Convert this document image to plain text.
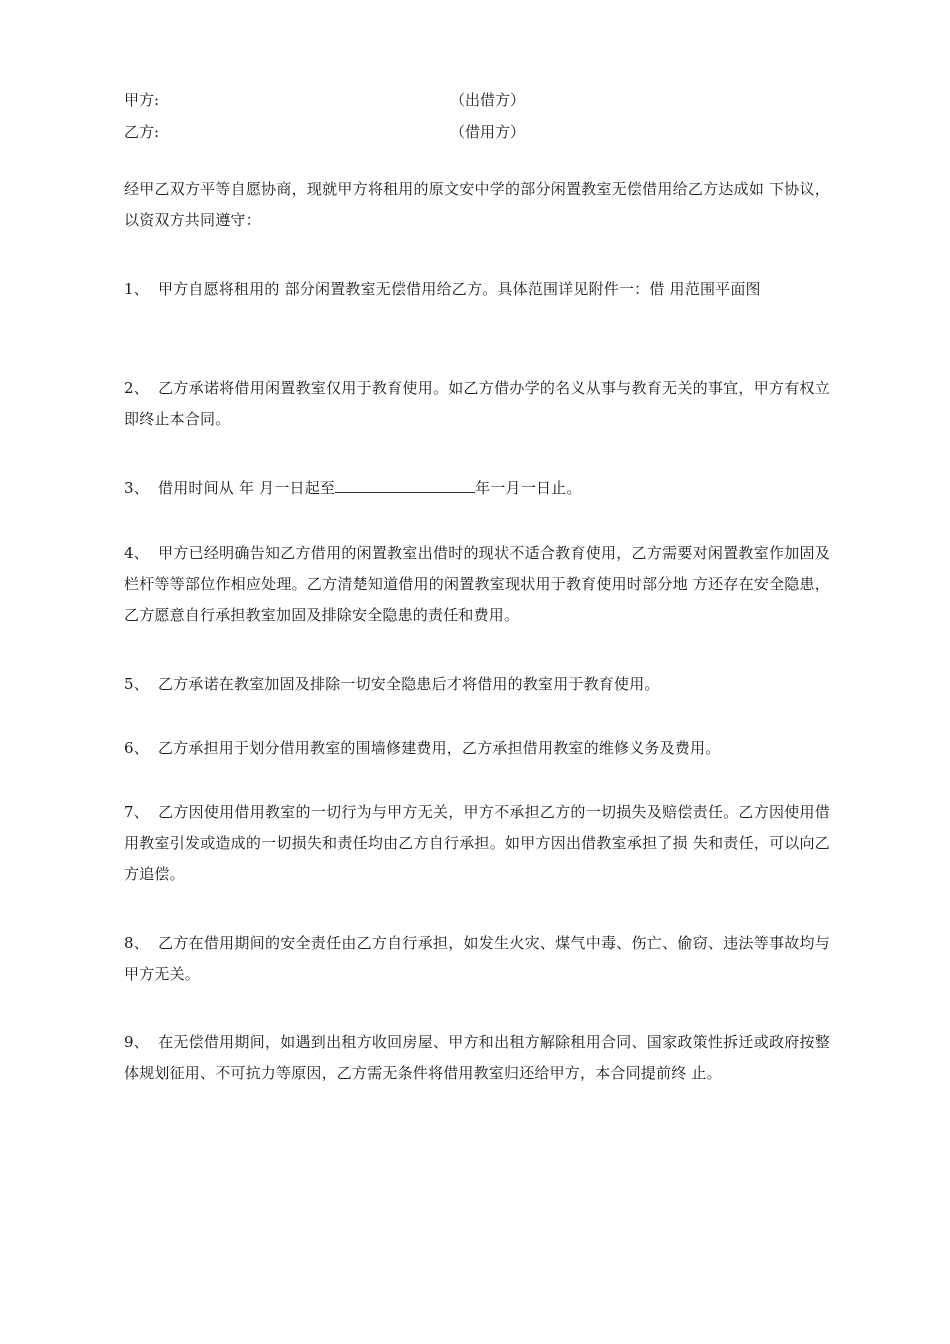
甲方:	（出借方）
乙方:	（借用方）
经甲乙双方平等自愿协商，现就甲方将租用的原文安中学的部分闲置教室无偿借用给乙方达成如 下协议，以资双方共同遵守：
1、 甲方自愿将租用的 部分闲置教室无偿借用给乙方。具体范围详见附件一：借 用范围平面图
2、 乙方承诺将借用闲置教室仅用于教育使用。如乙方借办学的名义从事与教育无关的事宜，甲方有权立即终止本合同。
3、 借用时间从 年 月一日起至	年一月一日止。
4、 甲方已经明确告知乙方借用的闲置教室出借时的现状不适合教育使用，乙方需要对闲置教室作加固及栏杆等等部位作相应处理。乙方清楚知道借用的闲置教室现状用于教育使用时部分地 方还存在安全隐患，乙方愿意自行承担教室加固及排除安全隐患的责任和费用。
5、 乙方承诺在教室加固及排除一切安全隐患后才将借用的教室用于教育使用。
6、 乙方承担用于划分借用教室的围墙修建费用，乙方承担借用教室的维修义务及费用。
7、 乙方因使用借用教室的一切行为与甲方无关，甲方不承担乙方的一切损失及赔偿责任。乙方因使用借用教室引发或造成的一切损失和责任均由乙方自行承担。如甲方因出借教室承担了损 失和责任，可以向乙方追偿。
8、 乙方在借用期间的安全责任由乙方自行承担，如发生火灾、煤气中毒、伤亡、偷窃、违法等事故均与甲方无关。
9、 在无偿借用期间，如遇到出租方收回房屋、甲方和出租方解除租用合同、国家政策性拆迁或政府按整体规划征用、不可抗力等原因，乙方需无条件将借用教室归还给甲方，本合同提前终 止。
